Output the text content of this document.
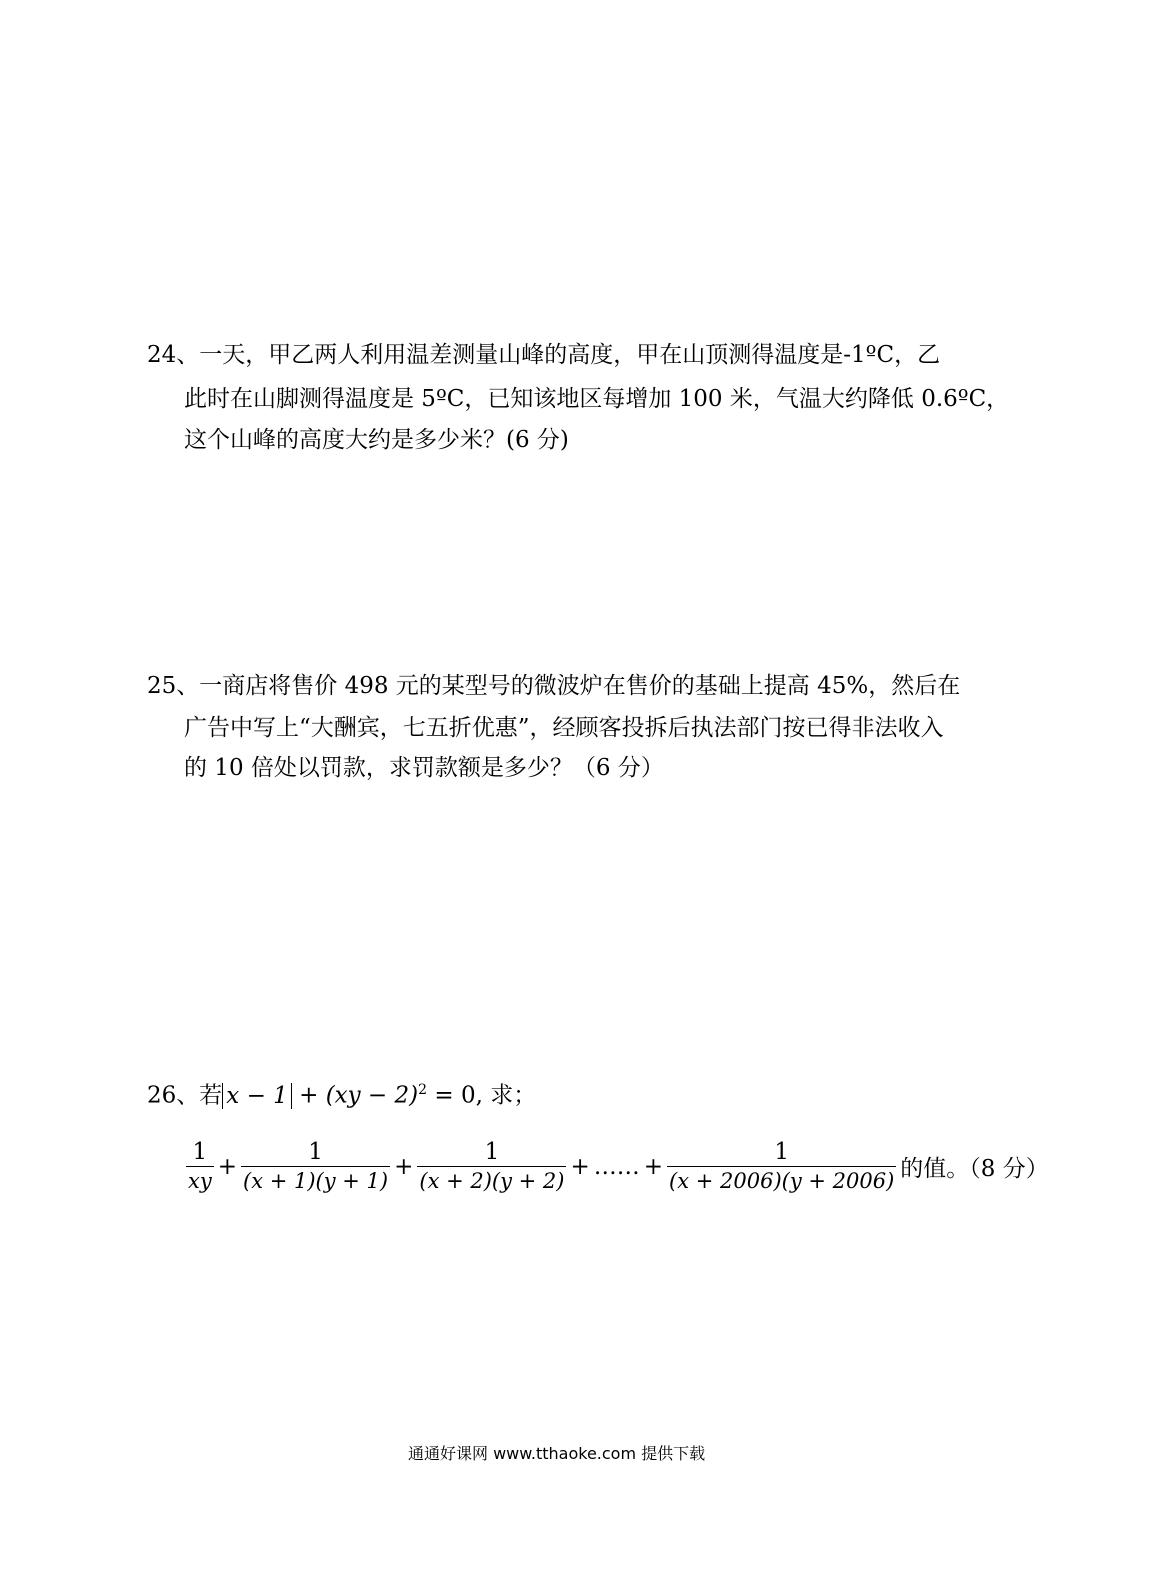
24、一天，甲乙两人利用温差测量山峰的高度，甲在山顶测得温度是-1ºC，乙
此时在山脚测得温度是 5ºC，已知该地区每增加 100 米，气温大约降低 0.6ºC，
这个山峰的高度大约是多少米？(6 分)
25、一商店将售价 498 元的某型号的微波炉在售价的基础上提高 45%，然后在
广告中写上“大酬宾，七五折优惠”，经顾客投拆后执法部门按已得非法收入
的 10 倍处以罚款，求罚款额是多少？（6 分）
26、若 x − 1 + (xy − 2)$^2$ = 0, 求；
$\frac{1}{xy} + \frac{1}{(x + 1)(y + 1)} + \frac{1}{(x + 2)(y + 2)}$ + …… + $\frac{1}{(x + 2006)(y + 2006)}$ 的值。（8 分）
通通好课网 www.tthaoke.com 提供下载
